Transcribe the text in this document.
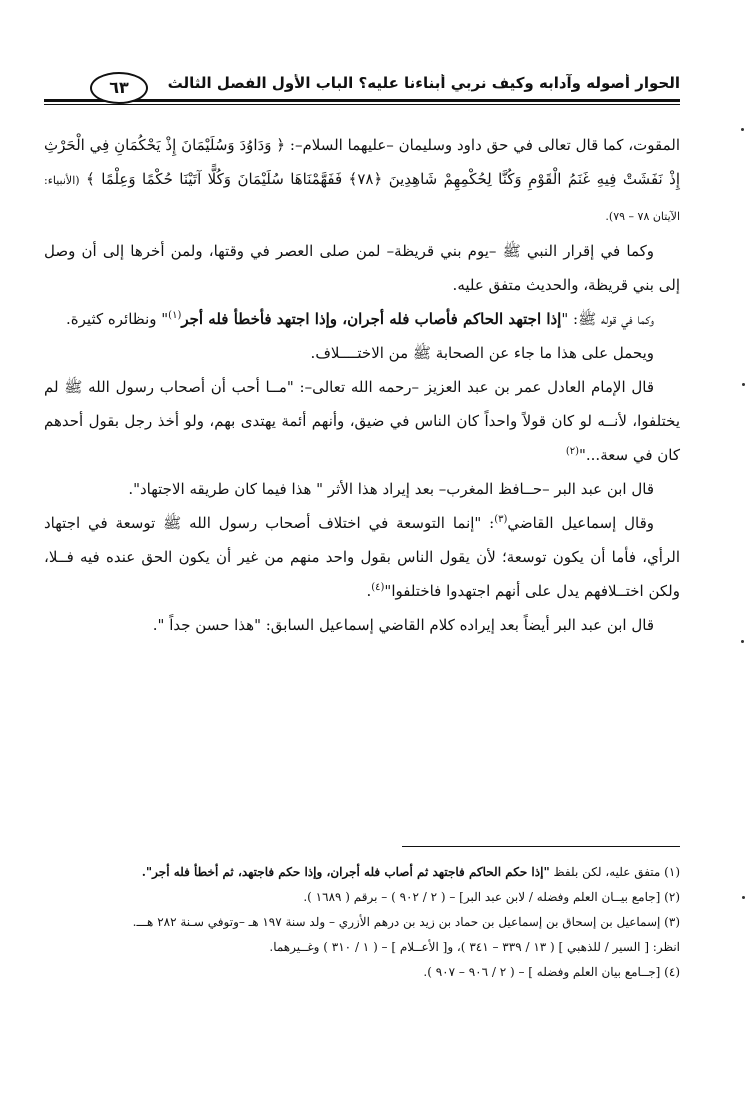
الحوار أصوله وآدابه وكيف نربي أبناءنا عليه؟ الباب الأول الفصل الثالث
٦٣

المقوت، كما قال تعالى في حق داود وسليمان –عليهما السلام–: ﴿ وَدَاوُدَ وَسُلَيْمَانَ إِذْ يَحْكُمَانِ فِي الْحَرْثِ إِذْ نَفَشَتْ فِيهِ غَنَمُ الْقَوْمِ وَكُنَّا لِحُكْمِهِمْ شَاهِدِينَ ﴿٧٨﴾ فَفَهَّمْنَاهَا سُلَيْمَانَ وَكُلًّا آتَيْنَا حُكْمًا وَعِلْمًا ﴾ (الأنبياء: الآيتان ٧٨ – ٧٩).

وكما في إقرار النبي ﷺ –يوم بني قريظة– لمن صلى العصر في وقتها، ولمن أخرها إلى أن وصل إلى بني قريظة، والحديث متفق عليه.

وكما في قوله ﷺ: "إذا اجتهد الحاكم فأصاب فله أجران، وإذا اجتهد فأخطأ فله أجر$^{(١)}$" ونظائره كثيرة.

ويحمل على هذا ما جاء عن الصحابة ﷺ من الاختــــلاف.

قال الإمام العادل عمر بن عبد العزيز –رحمه الله تعالى–: "مــا أحب أن أصحاب رسول الله ﷺ لم يختلفوا، لأنــه لو كان قولاً واحداً كان الناس في ضيق، وأنهم أئمة يهتدى بهم، ولو أخذ رجل بقول أحدهم كان في سعة..."$^{(٢)}$

قال ابن عبد البر –حــافظ المغرب– بعد إيراد هذا الأثر " هذا فيما كان طريقه الاجتهاد".

وقال إسماعيل القاضي$^{(٣)}$: "إنما التوسعة في اختلاف أصحاب رسول الله ﷺ توسعة في اجتهاد الرأي، فأما أن يكون توسعة؛ لأن يقول الناس بقول واحد منهم من غير أن يكون الحق عنده فيه فــلا، ولكن اختــلافهم يدل على أنهم اجتهدوا فاختلفوا"$^{(٤)}$.

قال ابن عبد البر أيضاً بعد إيراده كلام القاضي إسماعيل السابق: "هذا حسن جداً ".

(١) متفق عليه، لكن بلفظ "إذا حكم الحاكم فاجتهد ثم أصاب فله أجران، وإذا حكم فاجتهد، ثم أخطأ فله أجر".

(٢) [جامع بيــان العلم وفضله / لابن عبد البر] – ( ٢ / ٩٠٢ ) – برقم ( ١٦٨٩ ).

(٣) إسماعيل بن إسحاق بن إسماعيل بن حماد بن زيد بن درهم الأزري – ولد سنة ١٩٧ هـ –وتوفي سـنة ٢٨٢ هـــ.

انظر: [ السير / للذهبي ] ( ١٣ / ٣٣٩ – ٣٤١ )، و[ الأعــلام ] – ( ١ / ٣١٠ ) وغــيرهما.

(٤) [جــامع بيان العلم وفضله ] – ( ٢ / ٩٠٦ – ٩٠٧ ).
